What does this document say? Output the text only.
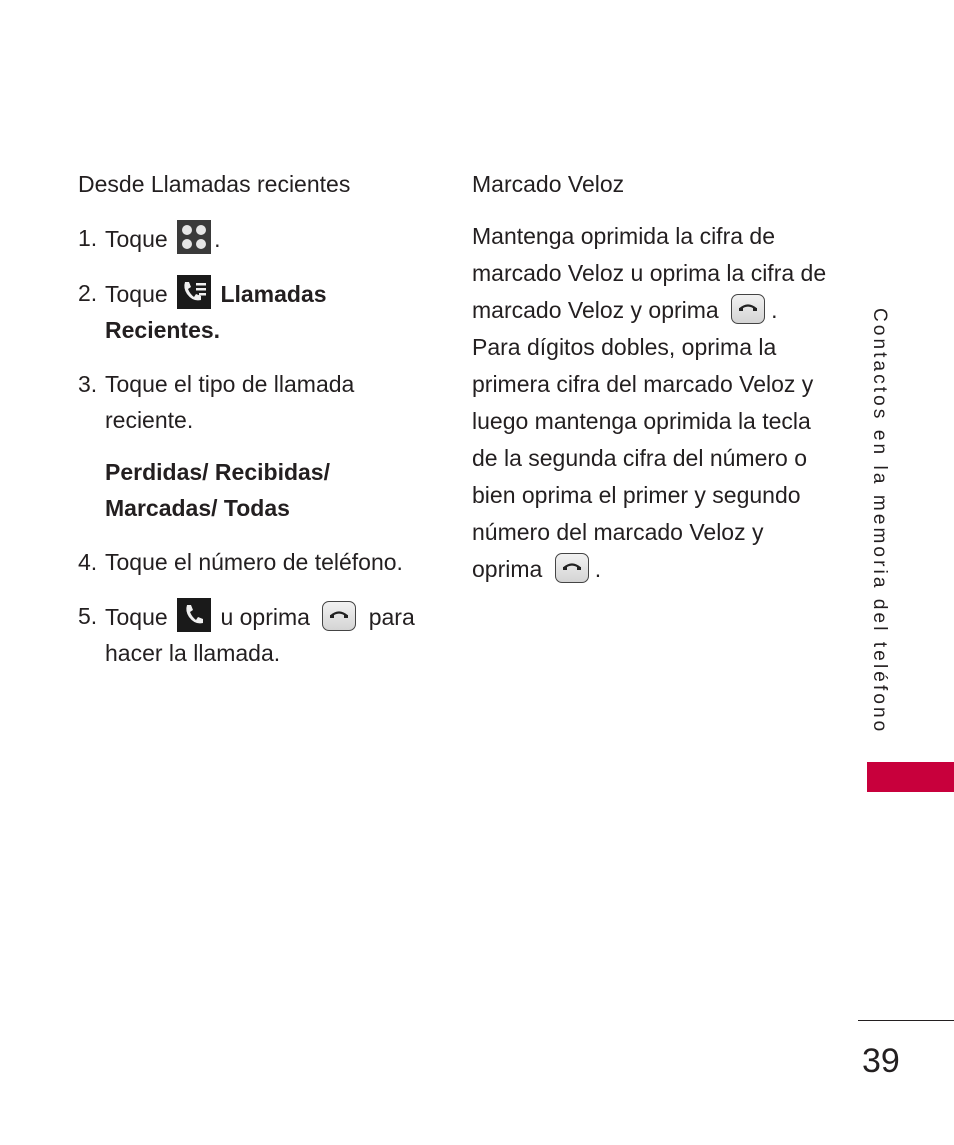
Desde Llamadas recientes
1. Toque .
2. Toque Llamadas Recientes.
3. Toque el tipo de llamada reciente.
Perdidas/ Recibidas/ Marcadas/ Todas
4. Toque el número de teléfono.
5. Toque u oprima	para hacer la llamada.
Marcado Veloz
Mantenga oprimida la cifra de marcado Veloz u oprima la cifra de marcado Veloz y oprima . Para dígitos dobles, oprima la primera cifra del marcado Veloz y luego mantenga oprimida la tecla de la segunda cifra del número o bien oprima el primer y segundo número del marcado Veloz y oprima .	Contactos en la memoria del teléfono
39
